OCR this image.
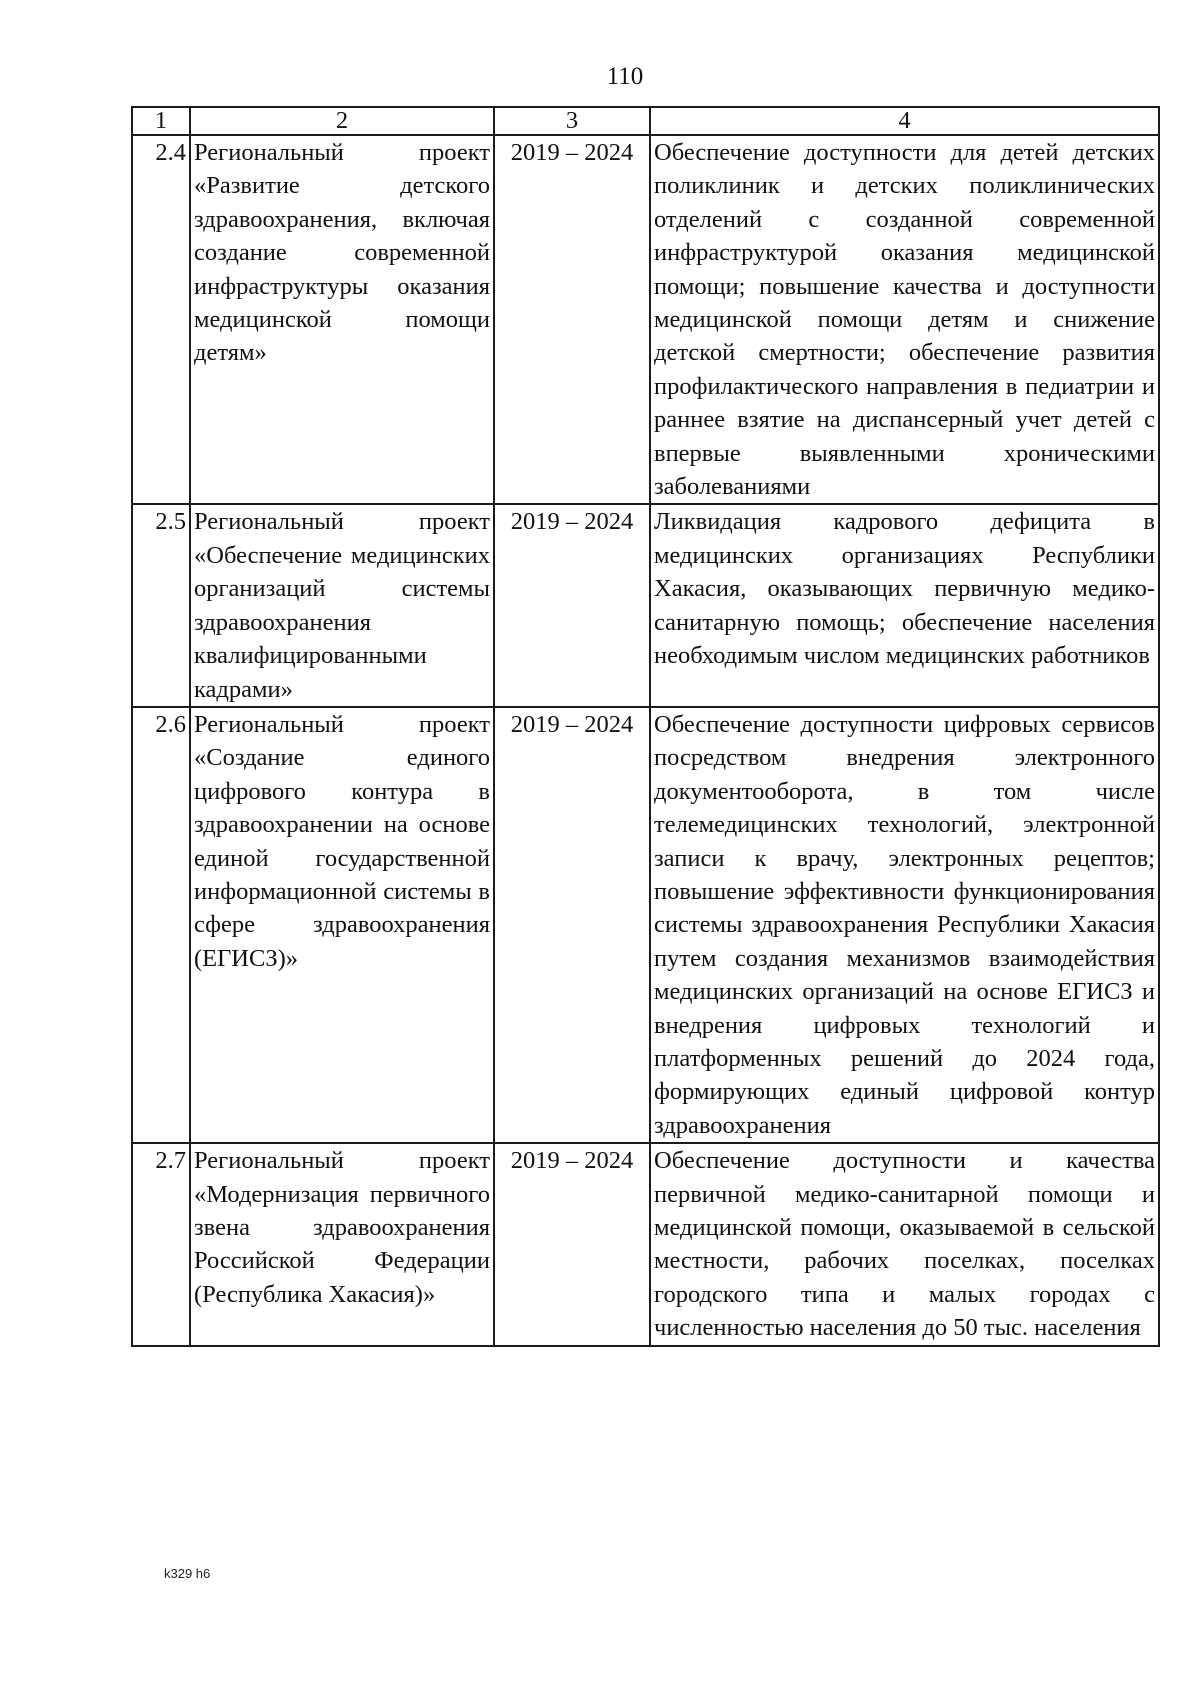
110
1	2	3	4
2.4	Региональный проект «Развитие детского здравоохранения, включая создание современной инфраструктуры оказания медицинской помощи детям»	2019 – 2024	Обеспечение доступности для детей детских поликлиник и детских поликлинических отделений с созданной современной инфраструктурой оказания медицинской помощи; повышение качества и доступности медицинской помощи детям и снижение детской смертности; обеспечение развития профилактического направления в педиатрии и раннее взятие на диспансерный учет детей с впервые выявленными хроническими заболеваниями
2.5	Региональный проект «Обеспечение медицинских организаций системы здравоохранения квалифицированными кадрами»	2019 – 2024	Ликвидация кадрового дефицита в медицинских организациях Республики Хакасия, оказывающих первичную медико-санитарную помощь; обеспечение населения необходимым числом медицинских работников
2.6	Региональный проект «Создание единого цифрового контура в здравоохранении на основе единой государственной информационной системы в сфере здравоохранения (ЕГИСЗ)»	2019 – 2024	Обеспечение доступности цифровых сервисов посредством внедрения электронного документооборота, в том числе телемедицинских технологий, электронной записи к врачу, электронных рецептов; повышение эффективности функционирования системы здравоохранения Республики Хакасия путем создания механизмов взаимодействия медицинских организаций на основе ЕГИСЗ и внедрения цифровых технологий и платформенных решений до 2024 года, формирующих единый цифровой контур здравоохранения
2.7	Региональный проект «Модернизация первичного звена здравоохранения Российской Федерации (Республика Хакасия)»	2019 – 2024	Обеспечение доступности и качества первичной медико-санитарной помощи и медицинской помощи, оказываемой в сельской местности, рабочих поселках, поселках городского типа и малых городах с численностью населения до 50 тыс. населения
k329 h6
